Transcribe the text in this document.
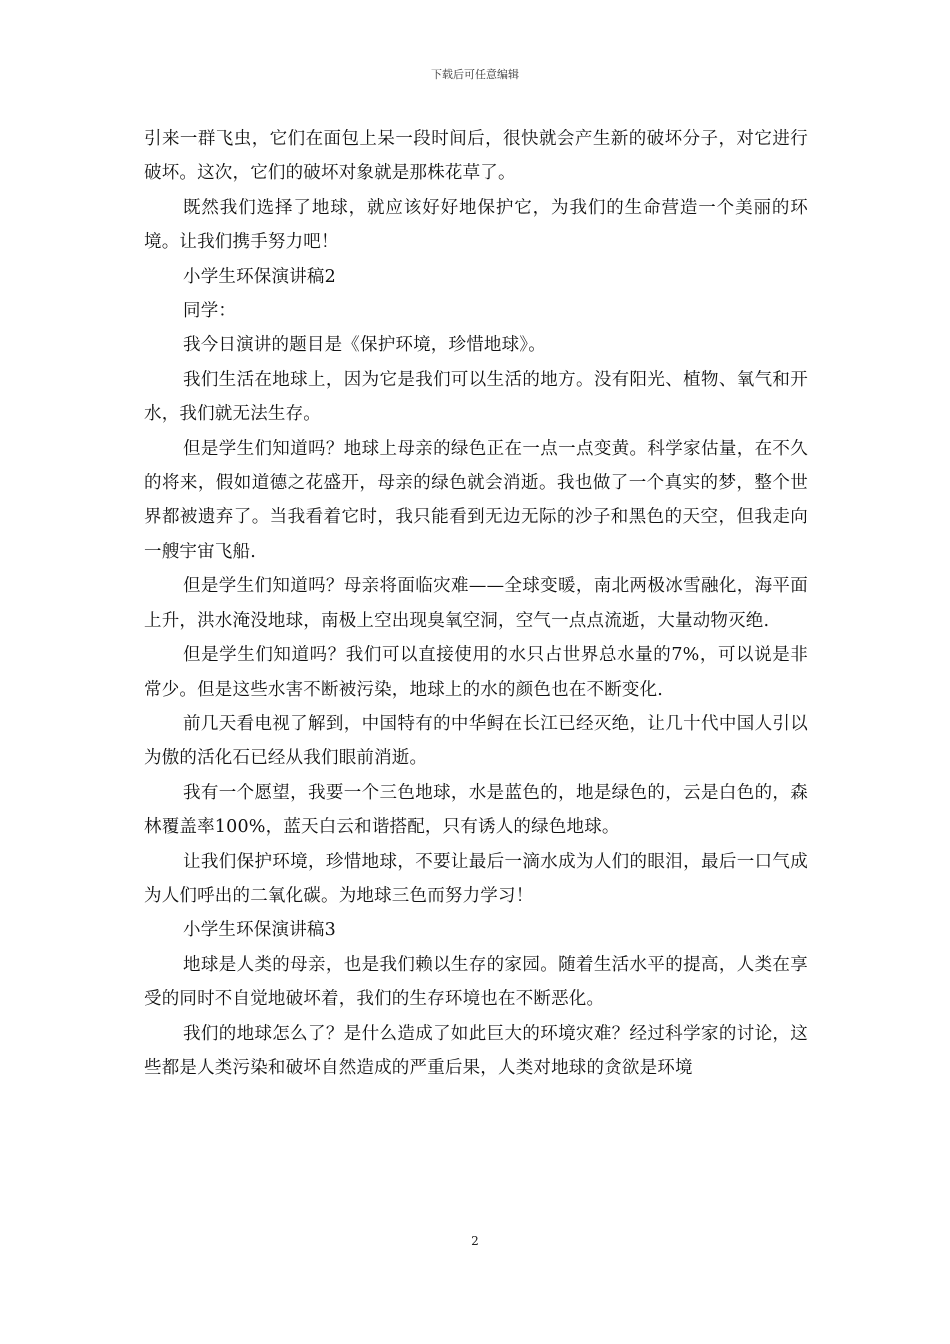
下载后可任意编辑

引来一群飞虫，它们在面包上呆一段时间后，很快就会产生新的破坏分子，对它进行破坏。这次，它们的破坏对象就是那株花草了。

既然我们选择了地球，就应该好好地保护它，为我们的生命营造一个美丽的环境。让我们携手努力吧！

小学生环保演讲稿2

同学：

我今日演讲的题目是《保护环境，珍惜地球》。

我们生活在地球上，因为它是我们可以生活的地方。没有阳光、植物、氧气和开水，我们就无法生存。

但是学生们知道吗？地球上母亲的绿色正在一点一点变黄。科学家估量，在不久的将来，假如道德之花盛开，母亲的绿色就会消逝。我也做了一个真实的梦，整个世界都被遗弃了。当我看着它时，我只能看到无边无际的沙子和黑色的天空，但我走向一艘宇宙飞船.

但是学生们知道吗？母亲将面临灾难——全球变暖，南北两极冰雪融化，海平面上升，洪水淹没地球，南极上空出现臭氧空洞，空气一点点流逝，大量动物灭绝.

但是学生们知道吗？我们可以直接使用的水只占世界总水量的7%，可以说是非常少。但是这些水害不断被污染，地球上的水的颜色也在不断变化.

前几天看电视了解到，中国特有的中华鲟在长江已经灭绝，让几十代中国人引以为傲的活化石已经从我们眼前消逝。

我有一个愿望，我要一个三色地球，水是蓝色的，地是绿色的，云是白色的，森林覆盖率100%，蓝天白云和谐搭配，只有诱人的绿色地球。

让我们保护环境，珍惜地球，不要让最后一滴水成为人们的眼泪，最后一口气成为人们呼出的二氧化碳。为地球三色而努力学习！

小学生环保演讲稿3

地球是人类的母亲，也是我们赖以生存的家园。随着生活水平的提高，人类在享受的同时不自觉地破坏着，我们的生存环境也在不断恶化。

我们的地球怎么了？是什么造成了如此巨大的环境灾难？经过科学家的讨论，这些都是人类污染和破坏自然造成的严重后果，人类对地球的贪欲是环境

2
